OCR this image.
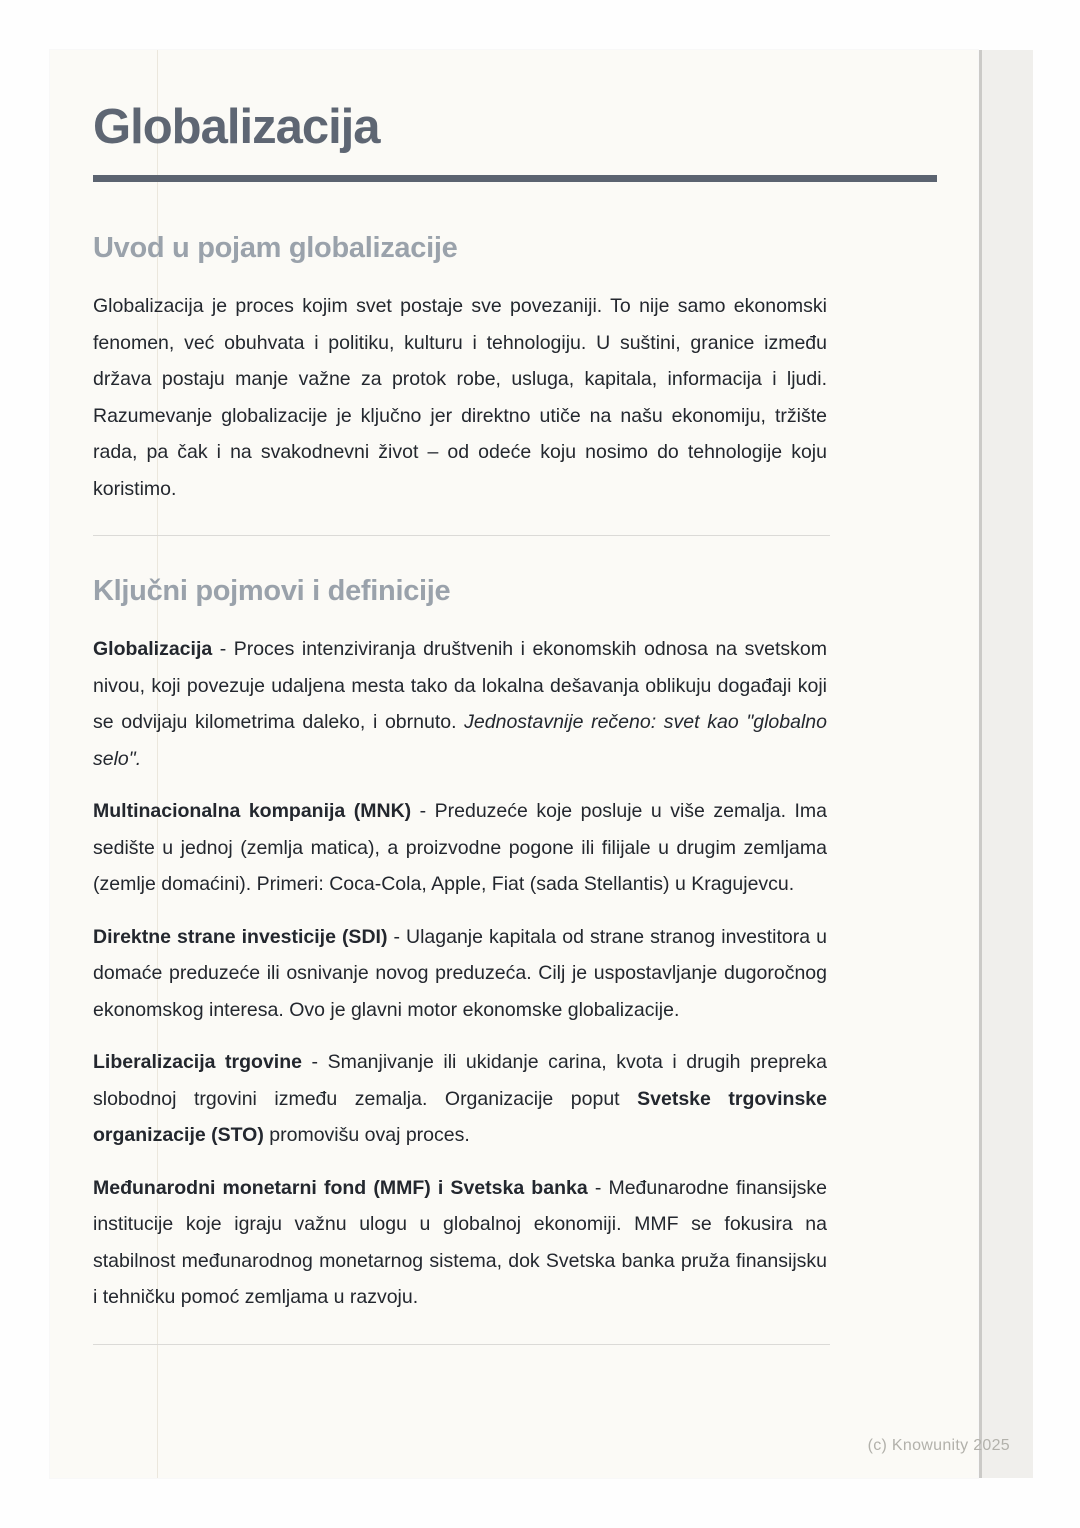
Globalizacija
Uvod u pojam globalizacije

Globalizacija je proces kojim svet postaje sve povezaniji. To nije samo ekonomski fenomen, već obuhvata i politiku, kulturu i tehnologiju. U suštini, granice između država postaju manje važne za protok robe, usluga, kapitala, informacija i ljudi. Razumevanje globalizacije je ključno jer direktno utiče na našu ekonomiju, tržište rada, pa čak i na svakodnevni život – od odeće koju nosimo do tehnologije koju koristimo.

Ključni pojmovi i definicije

Globalizacija - Proces intenziviranja društvenih i ekonomskih odnosa na svetskom nivou, koji povezuje udaljena mesta tako da lokalna dešavanja oblikuju događaji koji se odvijaju kilometrima daleko, i obrnuto. Jednostavnije rečeno: svet kao "globalno selo".

Multinacionalna kompanija (MNK) - Preduzeće koje posluje u više zemalja. Ima sedište u jednoj (zemlja matica), a proizvodne pogone ili filijale u drugim zemljama (zemlje domaćini). Primeri: Coca-Cola, Apple, Fiat (sada Stellantis) u Kragujevcu.

Direktne strane investicije (SDI) - Ulaganje kapitala od strane stranog investitora u domaće preduzeće ili osnivanje novog preduzeća. Cilj je uspostavljanje dugoročnog ekonomskog interesa. Ovo je glavni motor ekonomske globalizacije.

Liberalizacija trgovine - Smanjivanje ili ukidanje carina, kvota i drugih prepreka slobodnoj trgovini između zemalja. Organizacije poput Svetske trgovinske organizacije (STO) promovišu ovaj proces.

Međunarodni monetarni fond (MMF) i Svetska banka - Međunarodne finansijske institucije koje igraju važnu ulogu u globalnoj ekonomiji. MMF se fokusira na stabilnost međunarodnog monetarnog sistema, dok Svetska banka pruža finansijsku i tehničku pomoć zemljama u razvoju.

(c) Knowunity 2025
